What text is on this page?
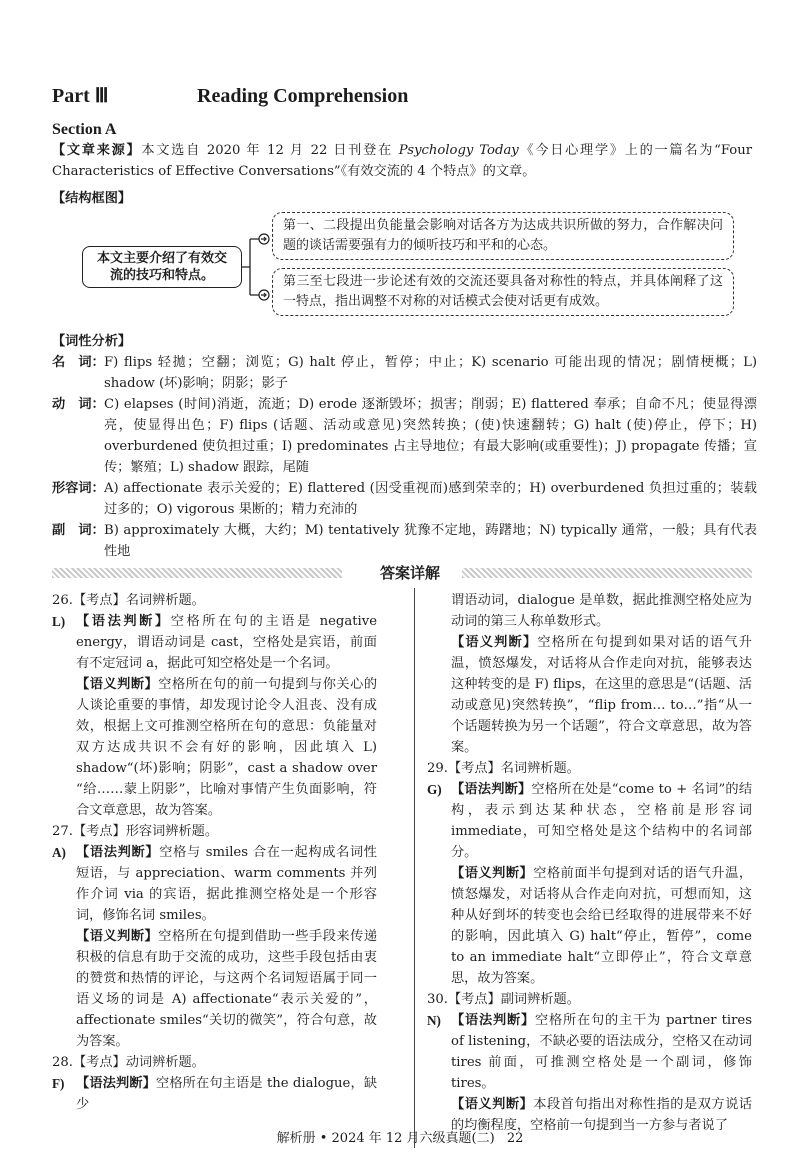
Part Ⅲ	Reading Comprehension
Section A
【文章来源】本文选自 2020 年 12 月 22 日刊登在 Psychology Today《今日心理学》上的一篇名为“Four Characteristics of Effective Conversations”《有效交流的 4 个特点》的文章。
【结构框图】
本文主要介绍了有效交流的技巧和特点。
第一、二段提出负能量会影响对话各方为达成共识所做的努力，合作解决问题的谈话需要强有力的倾听技巧和平和的心态。
第三至七段进一步论述有效的交流还要具备对称性的特点，并具体阐释了这一特点，指出调整不对称的对话模式会使对话更有成效。
【词性分析】
名　词： F) flips 轻拋；空翻；浏览；G) halt 停止，暂停；中止；K) scenario 可能出现的情况；剧情梗概；L) shadow (坏)影响；阴影；影子
动　词： C) elapses (时间)消逝，流逝；D) erode 逐渐毁坏；损害；削弱；E) flattered 奉承；自命不凡；使显得漂亮，使显得出色；F) flips (话题、活动或意见)突然转换；(使)快速翻转；G) halt (使)停止，停下；H) overburdened 使负担过重；I) predominates 占主导地位；有最大影响(或重要性)；J) propagate 传播；宣传；繁殖；L) shadow 跟踪，尾随
形容词： A) affectionate 表示关爱的；E) flattered (因受重视而)感到荣幸的；H) overburdened 负担过重的；装载过多的；O) vigorous 果断的；精力充沛的
副　词： B) approximately 大概，大约；M) tentatively 犹豫不定地，踌躇地；N) typically 通常，一般；具有代表性地
答案详解
26.【考点】名词辨析题。
L) 【语法判断】空格所在句的主语是 negative energy，谓语动词是 cast，空格处是宾语，前面有不定冠词 a，据此可知空格处是一个名词。
【语义判断】空格所在句的前一句提到与你关心的人谈论重要的事情，却发现讨论令人沮丧、没有成效，根据上文可推测空格所在句的意思：负能量对双方达成共识不会有好的影响，因此填入 L) shadow“(坏)影响；阴影”，cast a shadow over “给……蒙上阴影”，比喻对事情产生负面影响，符合文章意思，故为答案。
27.【考点】形容词辨析题。
A) 【语法判断】空格与 smiles 合在一起构成名词性短语，与 appreciation、warm comments 并列作介词 via 的宾语，据此推测空格处是一个形容词，修饰名词 smiles。
【语义判断】空格所在句提到借助一些手段来传递积极的信息有助于交流的成功，这些手段包括由衷的赞赏和热情的评论，与这两个名词短语属于同一语义场的词是 A) affectionate“表示关爱的”，affectionate smiles“关切的微笑”，符合句意，故为答案。
28.【考点】动词辨析题。
F) 【语法判断】空格所在句主语是 the dialogue，缺少
谓语动词，dialogue 是单数，据此推测空格处应为动词的第三人称单数形式。
【语义判断】空格所在句提到如果对话的语气升温，愤怒爆发，对话将从合作走向对抗，能够表达这种转变的是 F) flips，在这里的意思是“(话题、活动或意见)突然转换”，“flip from… to…”指“从一个话题转换为另一个话题”，符合文章意思，故为答案。
29.【考点】名词辨析题。
G) 【语法判断】空格所在处是“come to + 名词”的结构，表示到达某种状态，空格前是形容词 immediate，可知空格处是这个结构中的名词部分。
【语义判断】空格前面半句提到对话的语气升温，愤怒爆发，对话将从合作走向对抗，可想而知，这种从好到坏的转变也会给已经取得的进展带来不好的影响，因此填入 G) halt“停止，暂停”，come to an immediate halt“立即停止”，符合文章意思，故为答案。
30.【考点】副词辨析题。
N) 【语法判断】空格所在句的主干为 partner tires of listening，不缺必要的语法成分，空格又在动词 tires 前面，可推测空格处是一个副词，修饰 tires。
【语义判断】本段首句指出对称性指的是双方说话的均衡程度，空格前一句提到当一方参与者说了
解析册 • 2024 年 12 月六级真题(二) 22
